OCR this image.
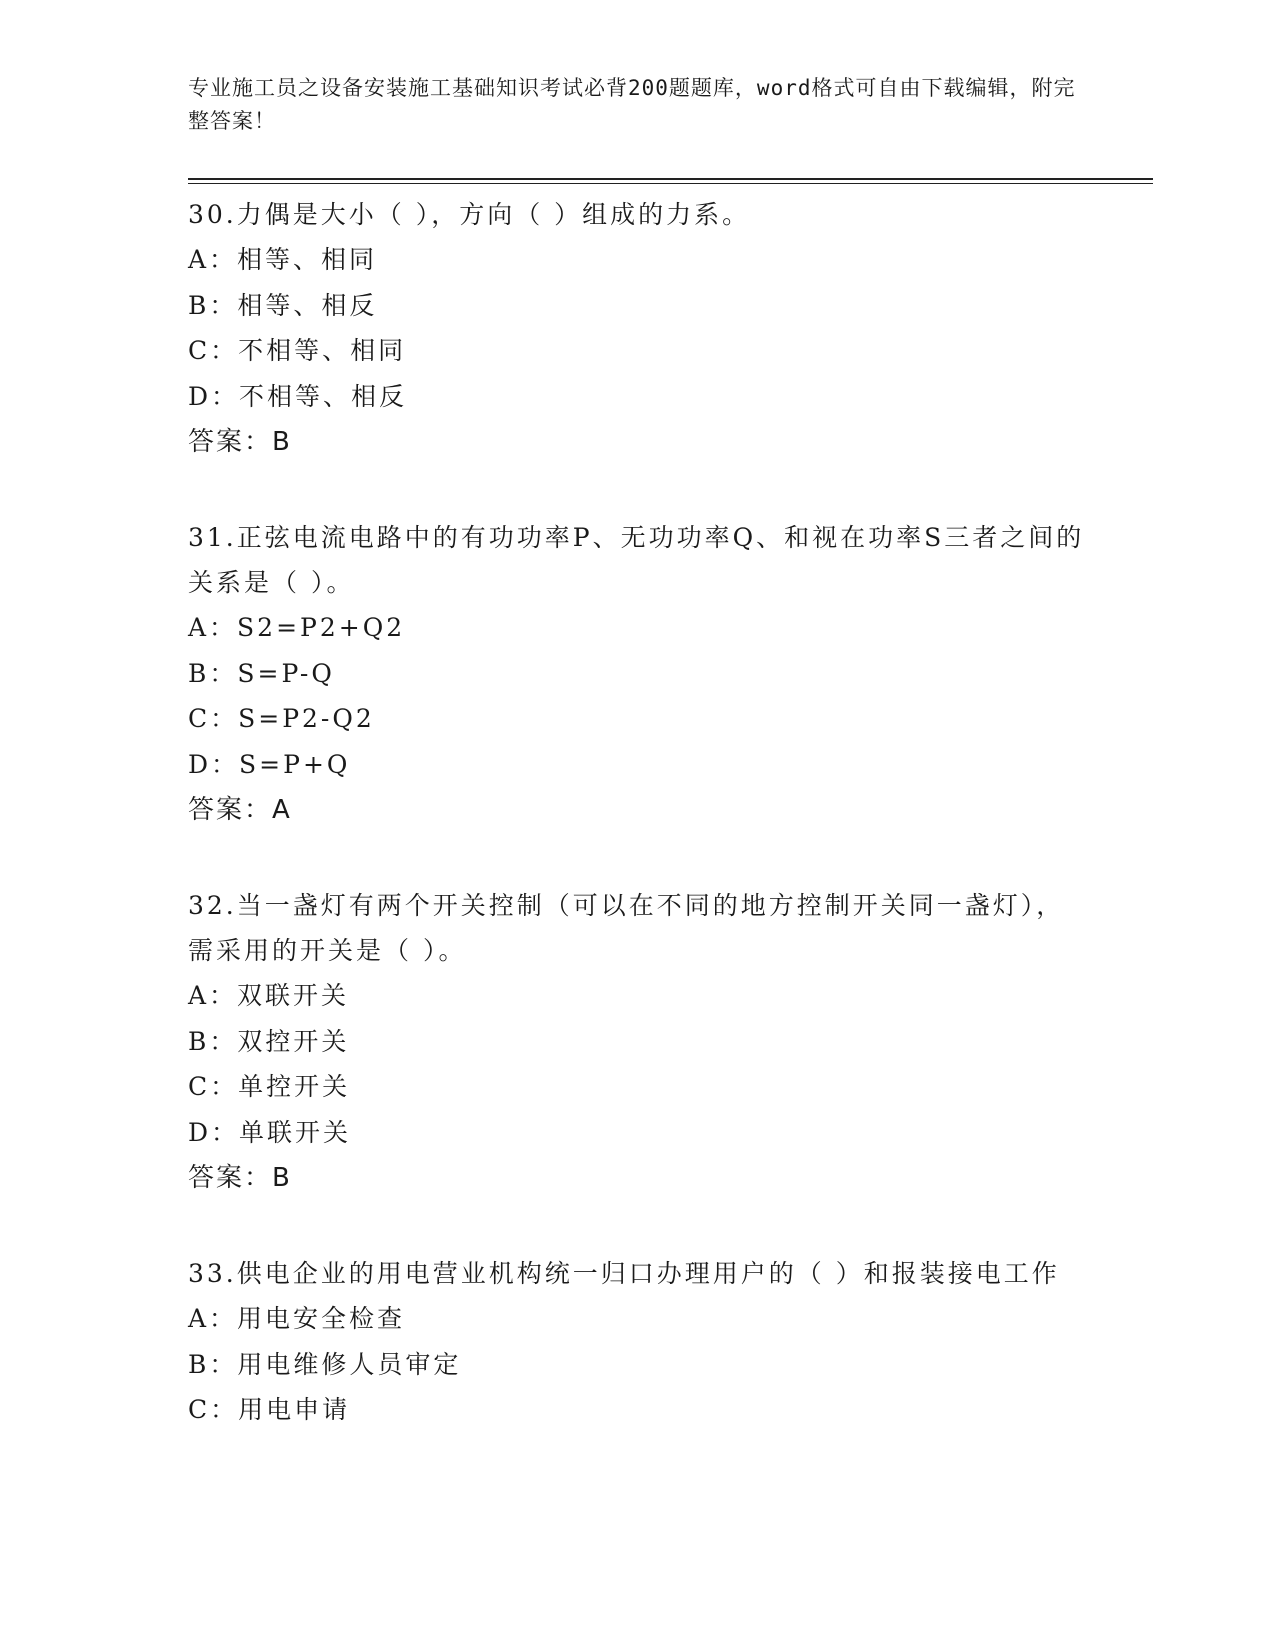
专业施工员之设备安装施工基础知识考试必背200题题库，word格式可自由下载编辑，附完整答案！
30.力偶是大小（ ），方向（ ）组成的力系。
A：相等、相同
B：相等、相反
C：不相等、相同
D：不相等、相反
答案：B
31.正弦电流电路中的有功功率P、无功功率Q、和视在功率S三者之间的关系是（ ）。
A：S2=P2+Q2
B：S=P-Q
C：S=P2-Q2
D：S=P+Q
答案：A
32.当一盏灯有两个开关控制（可以在不同的地方控制开关同一盏灯），需采用的开关是（ ）。
A：双联开关
B：双控开关
C：单控开关
D：单联开关
答案：B
33.供电企业的用电营业机构统一归口办理用户的（ ）和报装接电工作
A：用电安全检查
B：用电维修人员审定
C：用电申请
